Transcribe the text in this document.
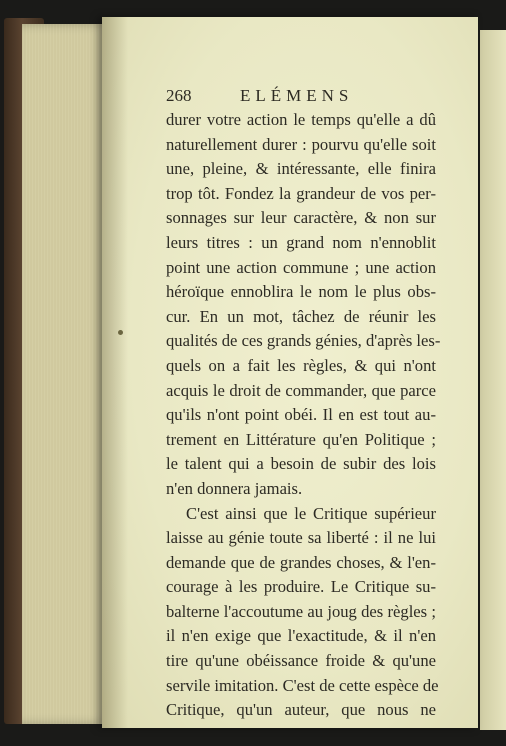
268	ELÉMENS
durer votre action le temps qu'elle a dû
naturellement durer : pourvu qu'elle soit
une, pleine, & intéressante, elle finira
trop tôt. Fondez la grandeur de vos per-
sonnages sur leur caractère, & non sur
leurs titres : un grand nom n'ennoblit
point une action commune ; une action
héroïque ennoblira le nom le plus obs-
cur. En un mot, tâchez de réunir les
qualités de ces grands génies, d'après les-
quels on a fait les règles, & qui n'ont
acquis le droit de commander, que parce
qu'ils n'ont point obéi. Il en est tout au-
trement en Littérature qu'en Politique ;
le talent qui a besoin de subir des lois
n'en donnera jamais.
C'est ainsi que le Critique supérieur
laisse au génie toute sa liberté : il ne lui
demande que de grandes choses, & l'en-
courage à les produire. Le Critique su-
balterne l'accoutume au joug des règles ;
il n'en exige que l'exactitude, & il n'en
tire qu'une obéissance froide & qu'une
servile imitation. C'est de cette espèce de
Critique, qu'un auteur, que nous ne
